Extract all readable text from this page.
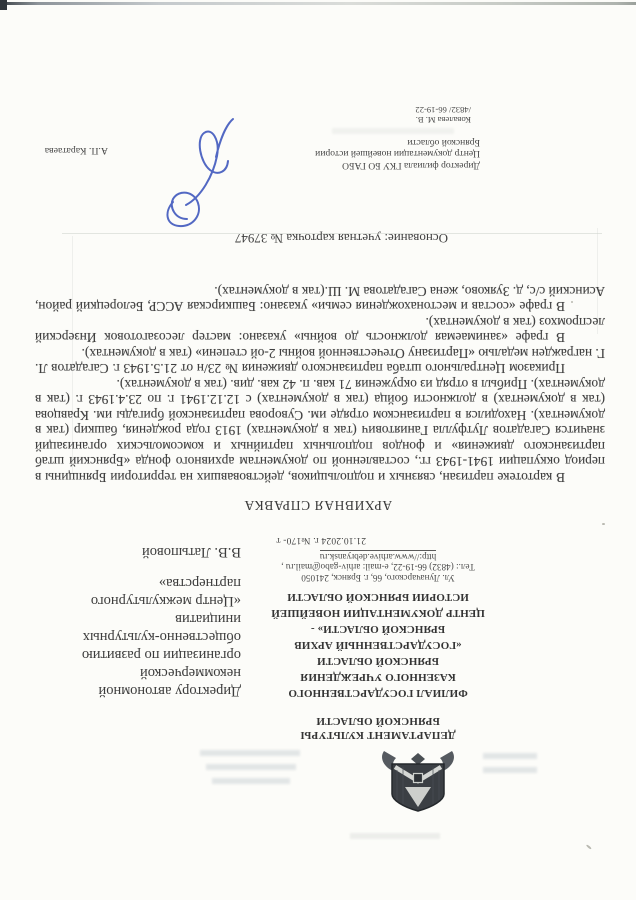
ДЕПАРТАМЕНТ КУЛЬТУРЫ
БРЯНСКОЙ ОБЛАСТИ
ФИЛИАЛ ГОСУДАРСТВЕННОГО
КАЗЕННОГО УЧРЕЖДЕНИЯ
БРЯНСКОЙ ОБЛАСТИ
«ГОСУДАРСТВЕННЫЙ АРХИВ
БРЯНСКОЙ ОБЛАСТИ» -
ЦЕНТР ДОКУМЕНТАЦИИ НОВЕЙШЕЙ
ИСТОРИИ БРЯНСКОЙ ОБЛАСТИ
Ул. Луначарского, 66, г. Брянск, 241050
Тел.: (4832) 66-19-22, e-mail: arhiv-gabo@mail.ru ,
http://www.arhive.debryansk.ru
21.10.2024 г. №170- т
Директору автономной
некоммерческой
организации по развитию
общественно-культурных
инициатив
«Центр межкультурного
партнерства»
В.В. Латыповой
АРХИВНАЯ СПРАВКА

В картотеке партизан, связных и подпольщиков, действовавших на территории Брянщины в период оккупации 1941-1943 гг., составленной по документам архивного фонда «Брянский штаб партизанского движения» и фондов подпольных партийных и комсомольских организаций значится Сагадатов Лутфулла Ганиятович (так в документах) 1913 года рождения, башкир (так в документах). Находился в партизанском отряде им. Суворова партизанской бригады им. Кравцова (так в документах) в должности бойца (так в документах) с 12.12.1941 г. по 23.4.1943 г. (так в документах). Прибыл в отряд из окружения 71 кав. п. 42 кав. див. (так в документах).

Приказом Центрального штаба партизанского движения № 23/н от 21.5.1943 г. Сагадатов Л. Г. награжден медалью «Партизану Отечественной войны 2-ой степени» (так в документах).

В графе «занимаемая должность до войны» указано: мастер лесозаготовок Инзерский леспромхоз (так в документах).

В графе «состав и местонахождения семьи» указано: Башкирская АССР, Белорецкий район, Асинский с/с, д. Зуяково, жена Сагадатова М. Ш.(так в документах).

Основание: учетная карточка № 37947
Директор филиала ГКУ БО ГАБО
Центр документации новейшей истории
Брянской области
А.П. Каратаева
Ковалева М. В.
/4832/ 66-19-22
